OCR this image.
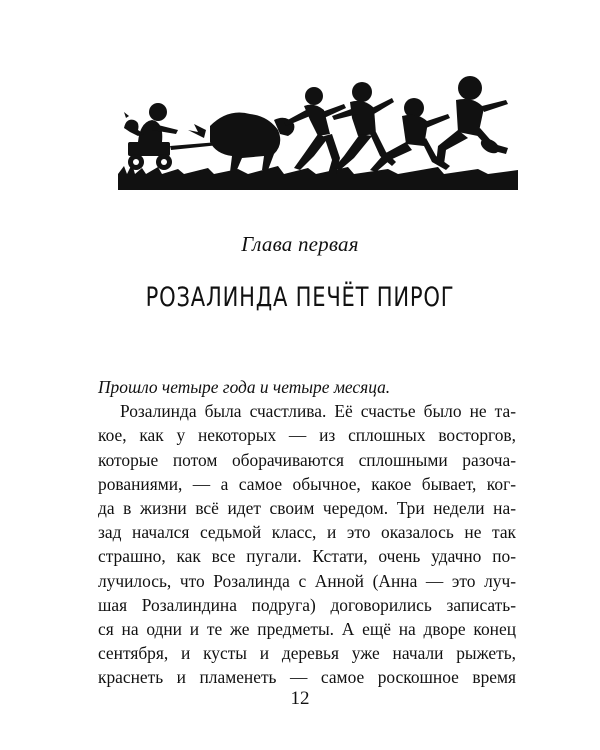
Глава первая
РОЗАЛИНДА ПЕЧЁТ ПИРОГ
Прошло четыре года и четыре месяца.
Розалинда была счастлива. Её счастье было не та-
кое, как у некоторых — из сплошных восторгов,
которые потом оборачиваются сплошными разоча-
рованиями, — а самое обычное, какое бывает, ког-
да в жизни всё идет своим чередом. Три недели на-
зад начался седьмой класс, и это оказалось не так
страшно, как все пугали. Кстати, очень удачно по-
лучилось, что Розалинда с Анной (Анна — это луч-
шая Розалиндина подруга) договорились записать-
ся на одни и те же предметы. А ещё на дворе конец
сентября, и кусты и деревья уже начали рыжеть,
краснеть и пламенеть — самое роскошное время
12
